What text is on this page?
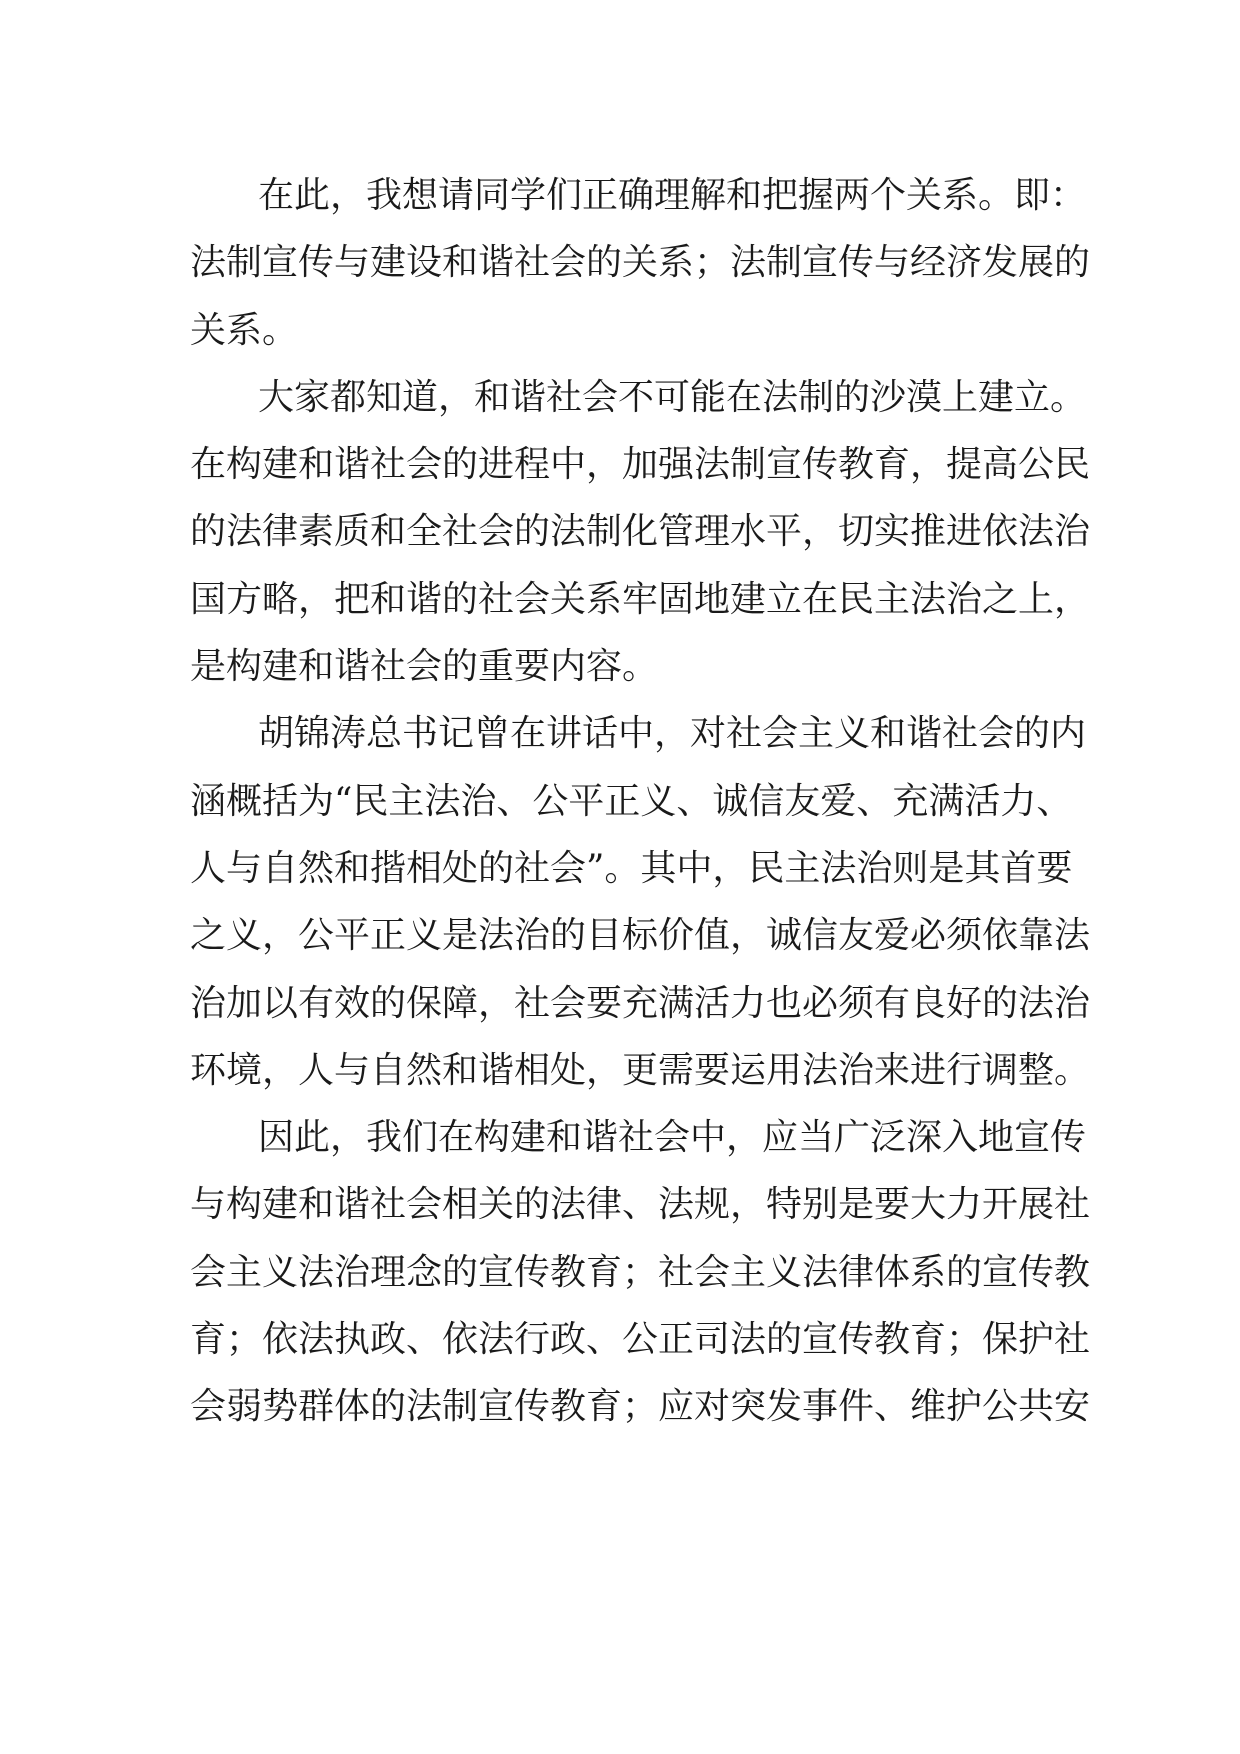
在此，我想请同学们正确理解和把握两个关系。即：
法制宣传与建设和谐社会的关系；法制宣传与经济发展的
关系。
大家都知道，和谐社会不可能在法制的沙漠上建立。
在构建和谐社会的进程中，加强法制宣传教育，提高公民
的法律素质和全社会的法制化管理水平，切实推进依法治
国方略，把和谐的社会关系牢固地建立在民主法治之上，
是构建和谐社会的重要内容。
胡锦涛总书记曾在讲话中，对社会主义和谐社会的内
涵概括为“民主法治、公平正义、诚信友爱、充满活力、
人与自然和揩相处的社会”。其中，民主法治则是其首要
之义，公平正义是法治的目标价值，诚信友爱必须依靠法
治加以有效的保障，社会要充满活力也必须有良好的法治
环境，人与自然和谐相处，更需要运用法治来进行调整。
因此，我们在构建和谐社会中，应当广泛深入地宣传
与构建和谐社会相关的法律、法规，特别是要大力开展社
会主义法治理念的宣传教育；社会主义法律体系的宣传教
育；依法执政、依法行政、公正司法的宣传教育；保护社
会弱势群体的法制宣传教育；应对突发事件、维护公共安
